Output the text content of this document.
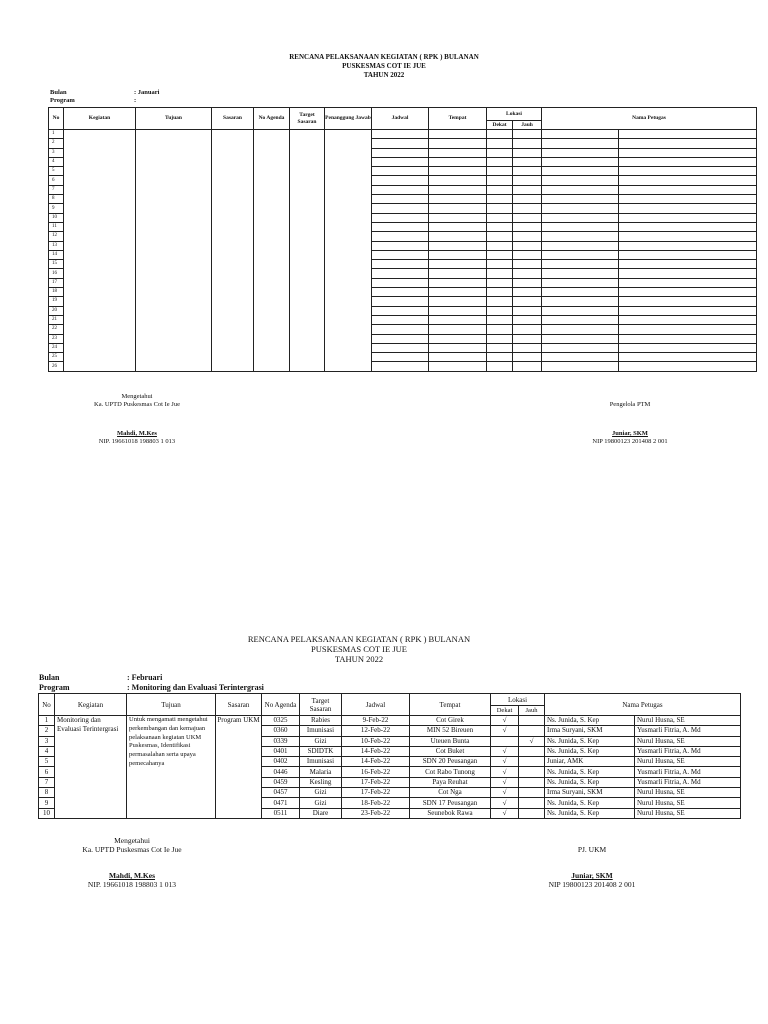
RENCANA PELAKSANAAN KEGIATAN ( RPK ) BULANAN
PUSKESMAS COT IE JUE
TAHUN 2022
Bulan	: Januari
Program	:
No	Kegiatan	Tujuan	Sasaran	No Agenda	Target Sasaran	Penanggung Jawab	Jadwal	Tempat	Lokasi		Nama Petugas	
									Dekat	Jauh		
1												
2												
3												
4												
5												
6												
7												
8												
9												
10												
11												
12												
13												
14												
15												
16												
17												
18												
19												
20												
21												
22												
23												
24												
25												
26												
Mengetahui
Ka. UPTD Puskesmas Cot Ie Jue
Mahdi, M.Kes
NIP. 19661018 198803 1 013
Pengelola PTM
Juniar, SKM
NIP 19800123 201408 2 001
RENCANA PELAKSANAAN KEGIATAN ( RPK ) BULANAN
PUSKESMAS COT IE JUE
TAHUN 2022
Bulan	: Februari
Program	: Monitoring dan Evaluasi Terintergrasi
No	Kegiatan	Tujuan	Sasaran	No Agenda	Target Sasaran	Jadwal	Tempat	Lokasi		Nama Petugas	
								Dekat	Jauh		
1	Monitoring dan Evaluasi Terintergrasi	Untuk mengamati mengetahui perkembangan dan kemajuan pelaksanaan kegiatan UKM Puskesmas, Identifikasi permasalahan serta upaya pemecahanya	Program UKM	0325	Rabies	9-Feb-22	Cot Girek	√		Ns. Junida, S. Kep	Nurul Husna, SE
2				0360	Imunisasi	12-Feb-22	MIN 52 Bireuen	√		Irma Suryani, SKM	Yusmarli Fitria, A. Md
3				0339	Gizi	10-Feb-22	Uteuen Bunta		√	Ns. Junida, S. Kep	Nurul Husna, SE
4				0401	SDIDTK	14-Feb-22	Cot Buket	√		Ns. Junida, S. Kep	Yusmarli Fitria, A. Md
5				0402	Imunisasi	14-Feb-22	SDN 20 Peusangan	√		Juniar, AMK	Nurul Husna, SE
6				0446	Malaria	16-Feb-22	Cot Rabo Tunong	√		Ns. Junida, S. Kep	Yusmarli Fitria, A. Md
7				0459	Kesling	17-Feb-22	Paya Reuhat	√		Ns. Junida, S. Kep	Yusmarli Fitria, A. Md
8				0457	Gizi	17-Feb-22	Cot Nga	√		Irma Suryani, SKM	Nurul Husna, SE
9				0471	Gizi	18-Feb-22	SDN 17 Peusangan	√		Ns. Junida, S. Kep	Nurul Husna, SE
10				0511	Diare	23-Feb-22	Seunebok Rawa	√		Ns. Junida, S. Kep	Nurul Husna, SE
Mengetahui
Ka. UPTD Puskesmas Cot Ie Jue
Mahdi, M.Kes
NIP. 19661018 198803 1 013
PJ. UKM
Juniar, SKM
NIP 19800123 201408 2 001
